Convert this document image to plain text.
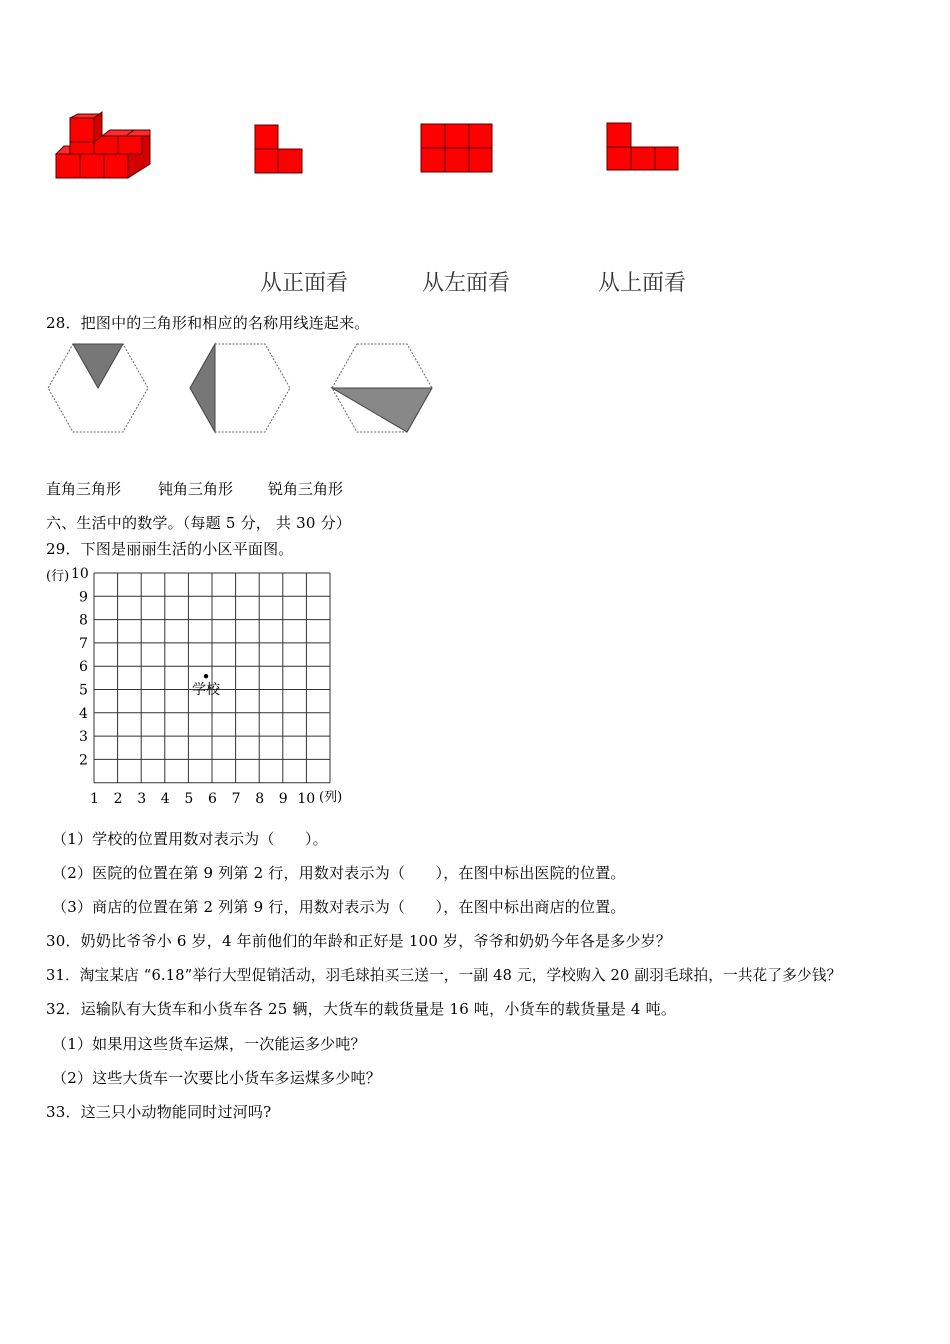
从正面看	从左面看	从上面看
28．把图中的三角形和相应的名称用线连起来。
直角三角形 钝角三角形 锐角三角形
六、生活中的数学。（每题 5 分， 共 30 分）
29．下图是丽丽生活的小区平面图。
(行) 10
9
8
7
6
5
4
3
2
1 2 3 4 5 6 7 8 9 10 (列)
学校
（1）学校的位置用数对表示为（　　）。
（2）医院的位置在第 9 列第 2 行，用数对表示为（　　），在图中标出医院的位置。
（3）商店的位置在第 2 列第 9 行，用数对表示为（　　），在图中标出商店的位置。
30．奶奶比爷爷小 6 岁，4 年前他们的年龄和正好是 100 岁，爷爷和奶奶今年各是多少岁？
31．淘宝某店 “6.18”举行大型促销活动，羽毛球拍买三送一，一副 48 元，学校购入 20 副羽毛球拍，一共花了多少钱？
32．运输队有大货车和小货车各 25 辆，大货车的载货量是 16 吨，小货车的载货量是 4 吨。
（1）如果用这些货车运煤，一次能运多少吨？
（2）这些大货车一次要比小货车多运煤多少吨？
33．这三只小动物能同时过河吗?
